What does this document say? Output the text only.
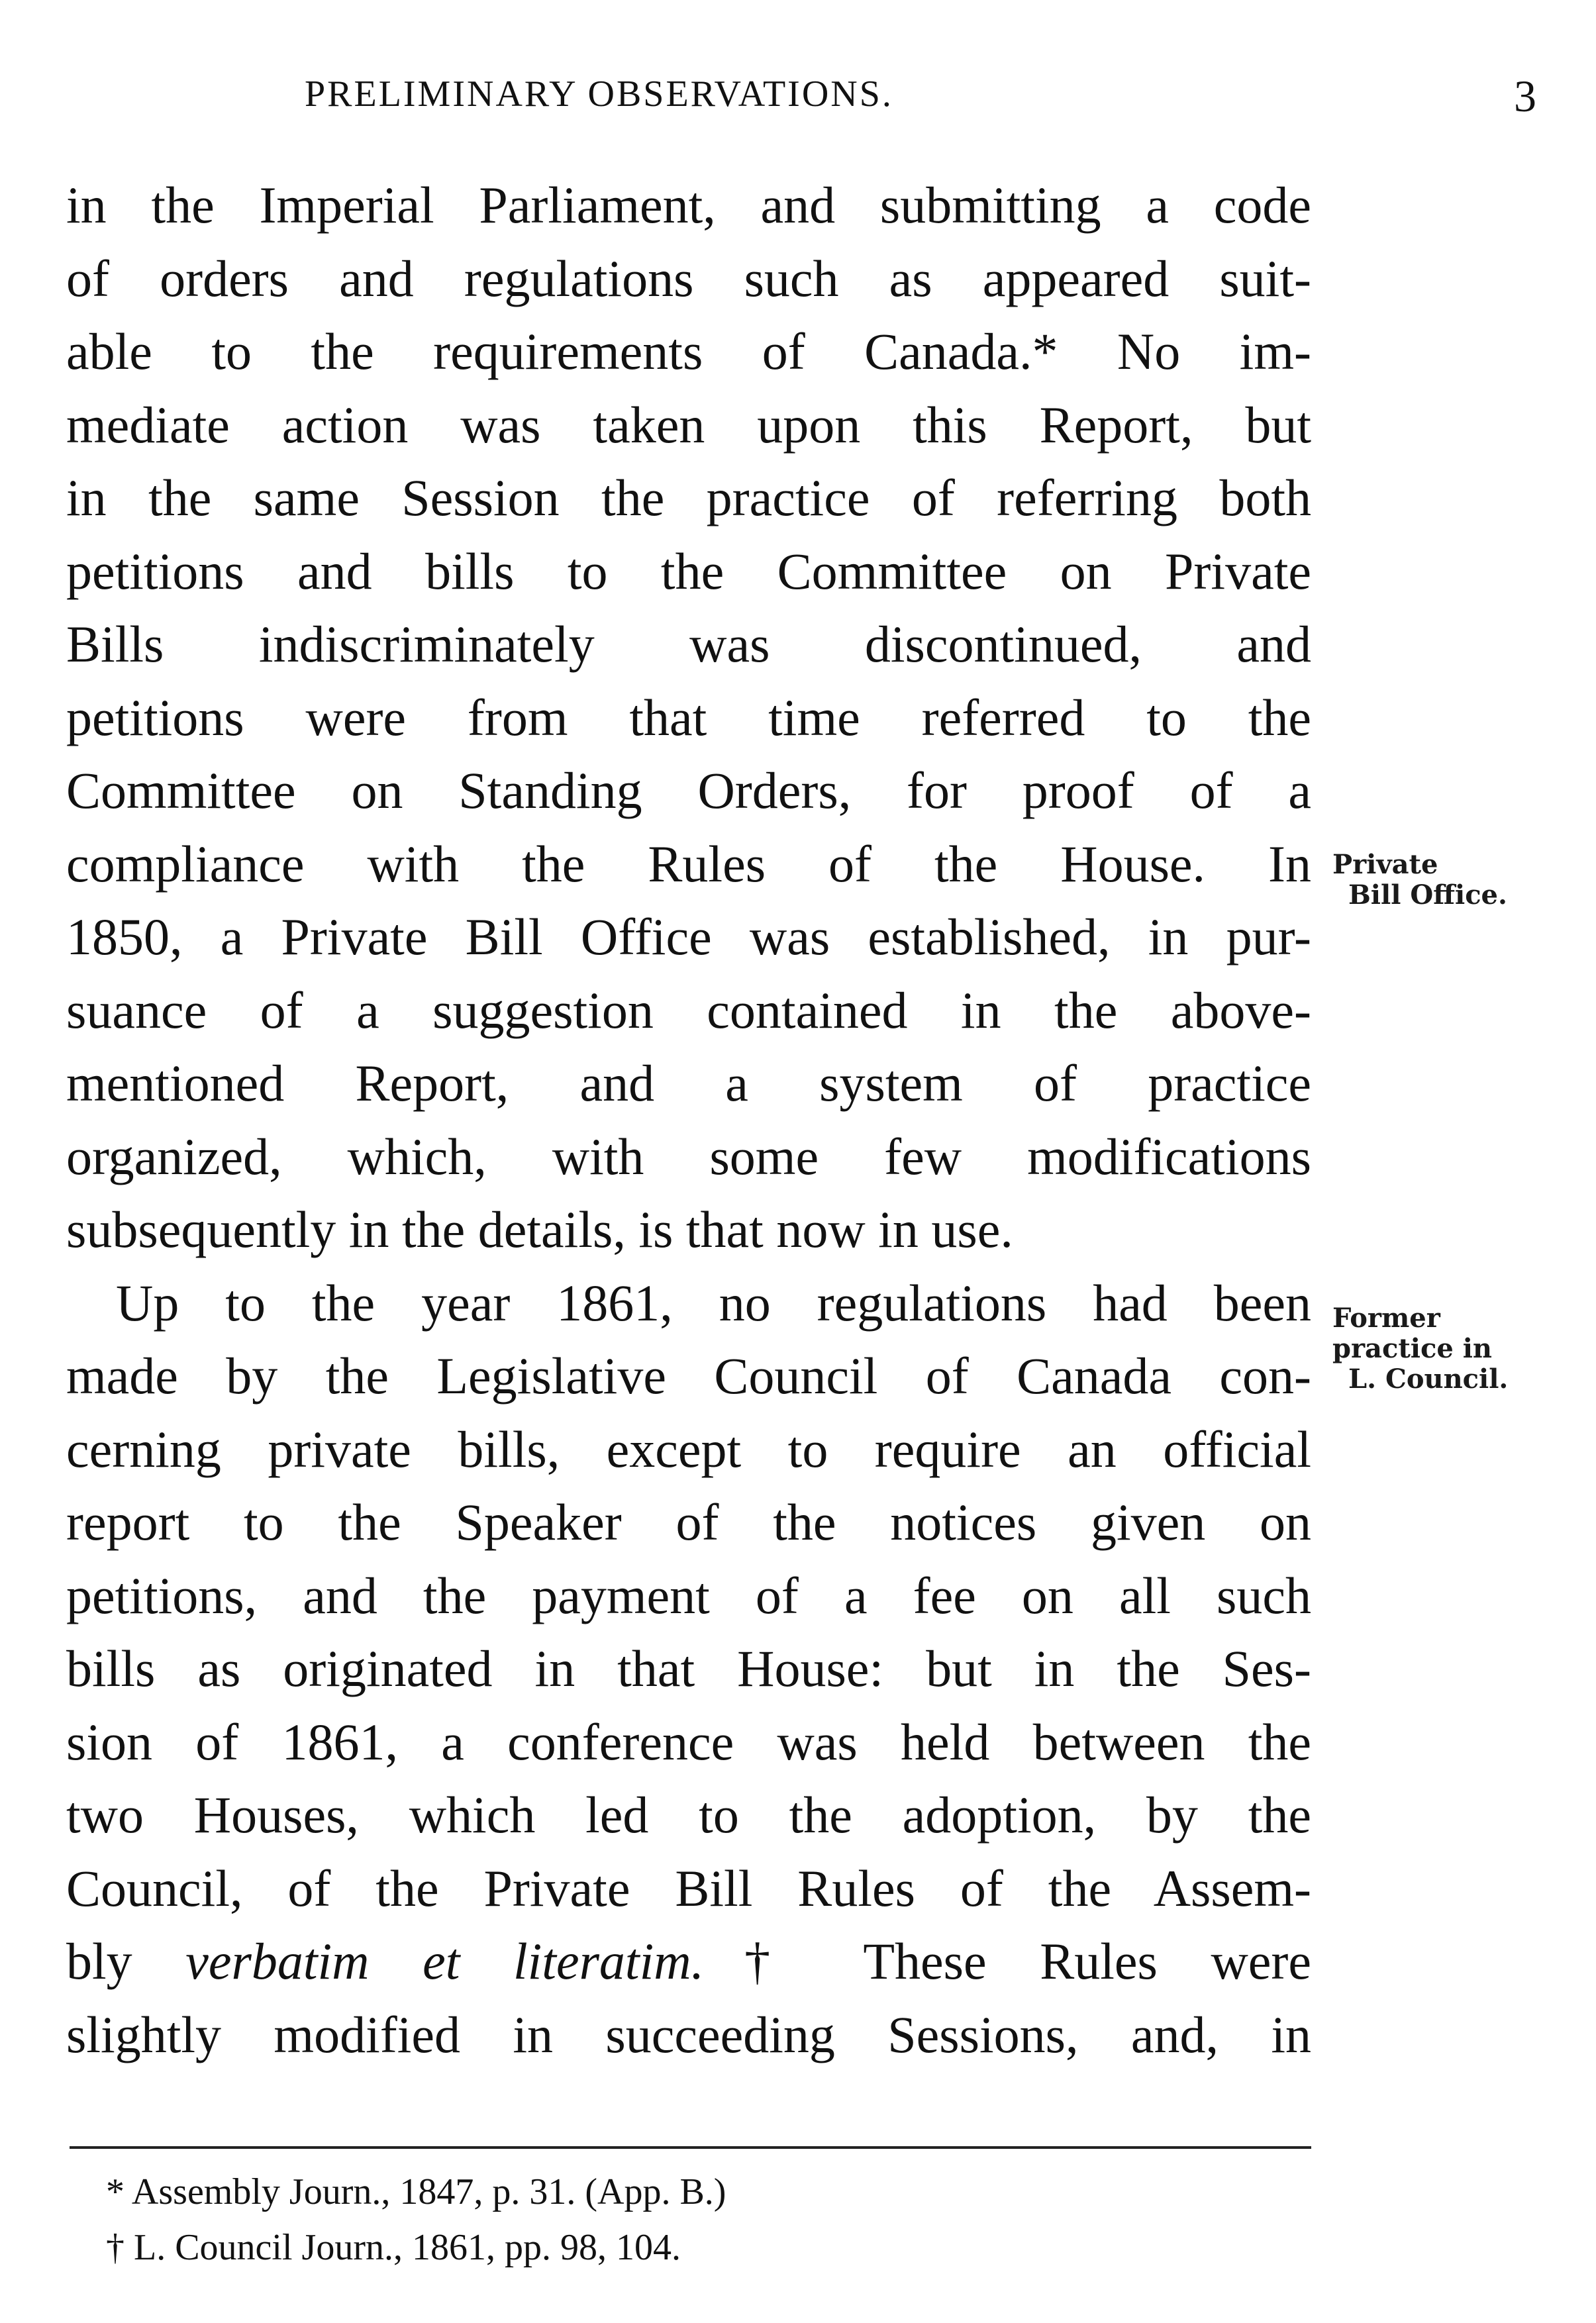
PRELIMINARY OBSERVATIONS.	3

in the Imperial Parliament, and submitting a code

of orders and regulations such as appeared suit-

able to the requirements of Canada.* No im-

mediate action was taken upon this Report, but

in the same Session the practice of referring both

petitions and bills to the Committee on Private

Bills indiscriminately was discontinued, and

petitions were from that time referred to the

Committee on Standing Orders, for proof of a

compliance with the Rules of the House. In

1850, a Private Bill Office was established, in pur-

suance of a suggestion contained in the above-

mentioned Report, and a system of practice

organized, which, with some few modifications

subsequently in the details, is that now in use.

Up to the year 1861, no regulations had been

made by the Legislative Council of Canada con-

cerning private bills, except to require an official

report to the Speaker of the notices given on

petitions, and the payment of a fee on all such

bills as originated in that House: but in the Ses-

sion of 1861, a conference was held between the

two Houses, which led to the adoption, by the

Council, of the Private Bill Rules of the Assem-

bly verbatim et literatim.† These Rules were

slightly modified in succeeding Sessions, and, in

Private
Bill Office.
Former
practice in
L. Council.
* Assembly Journ., 1847, p. 31. (App. B.)
† L. Council Journ., 1861, pp. 98, 104.
